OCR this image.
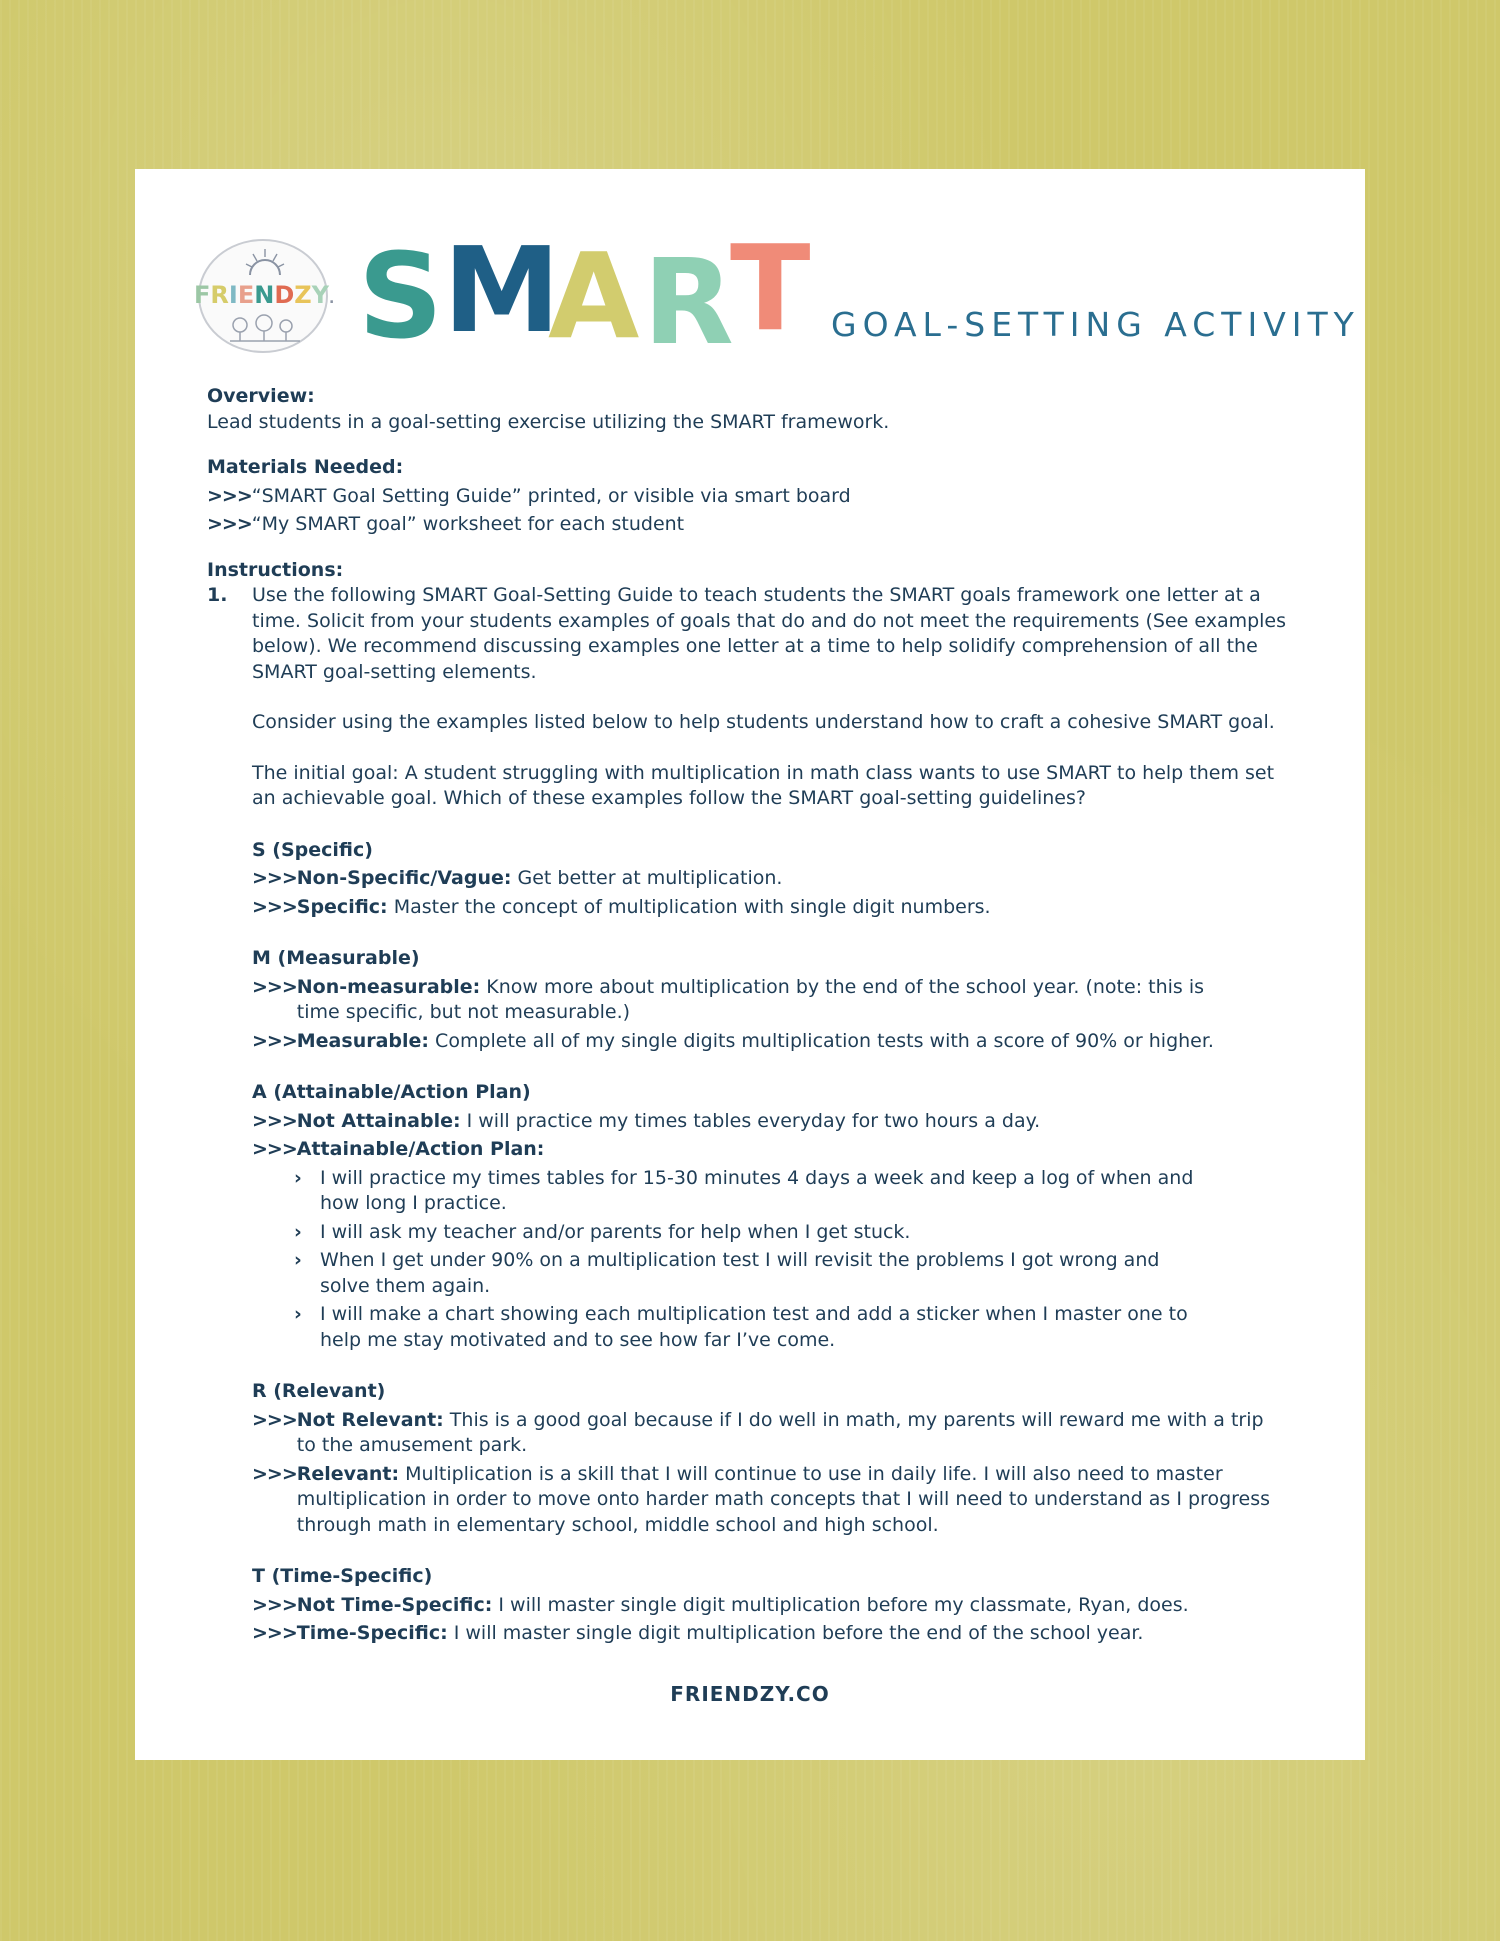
FRIENDZY. S M
A R
T GOAL-SETTING ACTIVITY
Overview:
Lead students in a goal-setting exercise utilizing the SMART framework.
Materials Needed:
>>> “SMART Goal Setting Guide” printed, or visible via smart board
>>> “My SMART goal” worksheet for each student
Instructions:
1.	Use the following SMART Goal-Setting Guide to teach students the SMART goals framework one letter at a time. Solicit from your students examples of goals that do and do not meet the requirements (See examples below). We recommend discussing examples one letter at a time to help solidify comprehension of all the SMART goal-setting elements.

Consider using the examples listed below to help students understand how to craft a cohesive SMART goal.

The initial goal: A student struggling with multiplication in math class wants to use SMART to help them set an achievable goal. Which of these examples follow the SMART goal-setting guidelines?

S (Specific)
>>> Non-Specific/Vague: Get better at multiplication.
>>> Specific: Master the concept of multiplication with single digit numbers.
M (Measurable)
>>> Non-measurable: Know more about multiplication by the end of the school year. (note: this is time specific, but not measurable.)
>>> Measurable: Complete all of my single digits multiplication tests with a score of 90% or higher.
A (Attainable/Action Plan)
>>> Not Attainable: I will practice my times tables everyday for two hours a day.
>>> Attainable/Action Plan:
› I will practice my times tables for 15-30 minutes 4 days a week and keep a log of when and how long I practice.
› I will ask my teacher and/or parents for help when I get stuck.
› When I get under 90% on a multiplication test I will revisit the problems I got wrong and solve them again.
› I will make a chart showing each multiplication test and add a sticker when I master one to help me stay motivated and to see how far I’ve come.
R (Relevant)
>>> Not Relevant: This is a good goal because if I do well in math, my parents will reward me with a trip to the amusement park.
>>> Relevant: Multiplication is a skill that I will continue to use in daily life. I will also need to master multiplication in order to move onto harder math concepts that I will need to understand as I progress through math in elementary school, middle school and high school.
T (Time-Specific)
>>> Not Time-Specific: I will master single digit multiplication before my classmate, Ryan, does.
>>> Time-Specific: I will master single digit multiplication before the end of the school year.
FRIENDZY.CO
